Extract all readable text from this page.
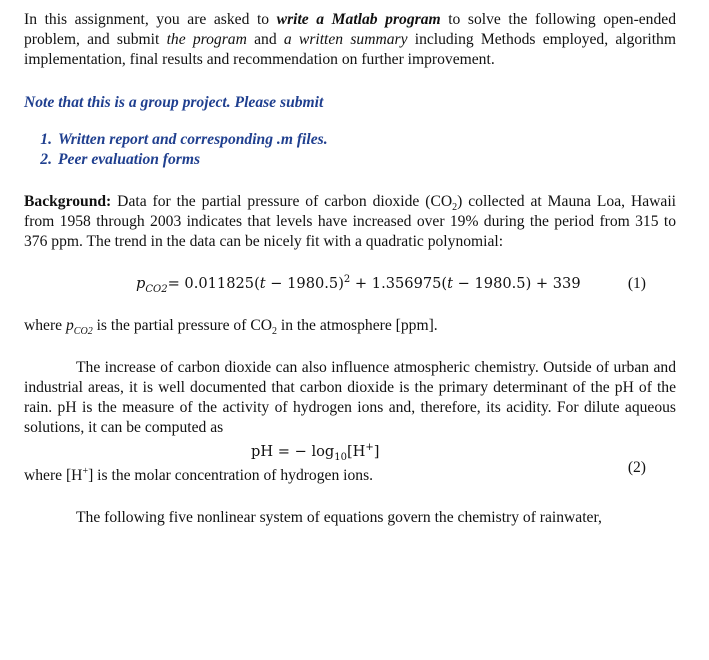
In this assignment, you are asked to write a Matlab program to solve the following open-ended problem, and submit the program and a written summary including Methods employed, algorithm implementation, final results and recommendation on further improvement.

Note that this is a group project. Please submit

1. Written report and corresponding .m files.
2. Peer evaluation forms

Background: Data for the partial pressure of carbon dioxide $(CO_2)$ collected at Mauna Loa, Hawaii from 1958 through 2003 indicates that levels have increased over 19% during the period from 315 to 376 ppm. The trend in the data can be nicely fit with a quadratic polynomial:

$p_{CO2}= 0.011825(t - 1980.5)^2 + 1.356975(t - 1980.5) + 339$	(1)

where $p_{CO2}$ is the partial pressure of $CO_2$ in the atmosphere [ppm].

The increase of carbon dioxide can also influence atmospheric chemistry. Outside of urban and industrial areas, it is well documented that carbon dioxide is the primary determinant of the pH of the rain. pH is the measure of the activity of hydrogen ions and, therefore, its acidity. For dilute aqueous solutions, it can be computed as

pH = − $\log_{10}[H^+]$
where [H+] is the molar concentration of hydrogen ions.	(2)

The following five nonlinear system of equations govern the chemistry of rainwater,
